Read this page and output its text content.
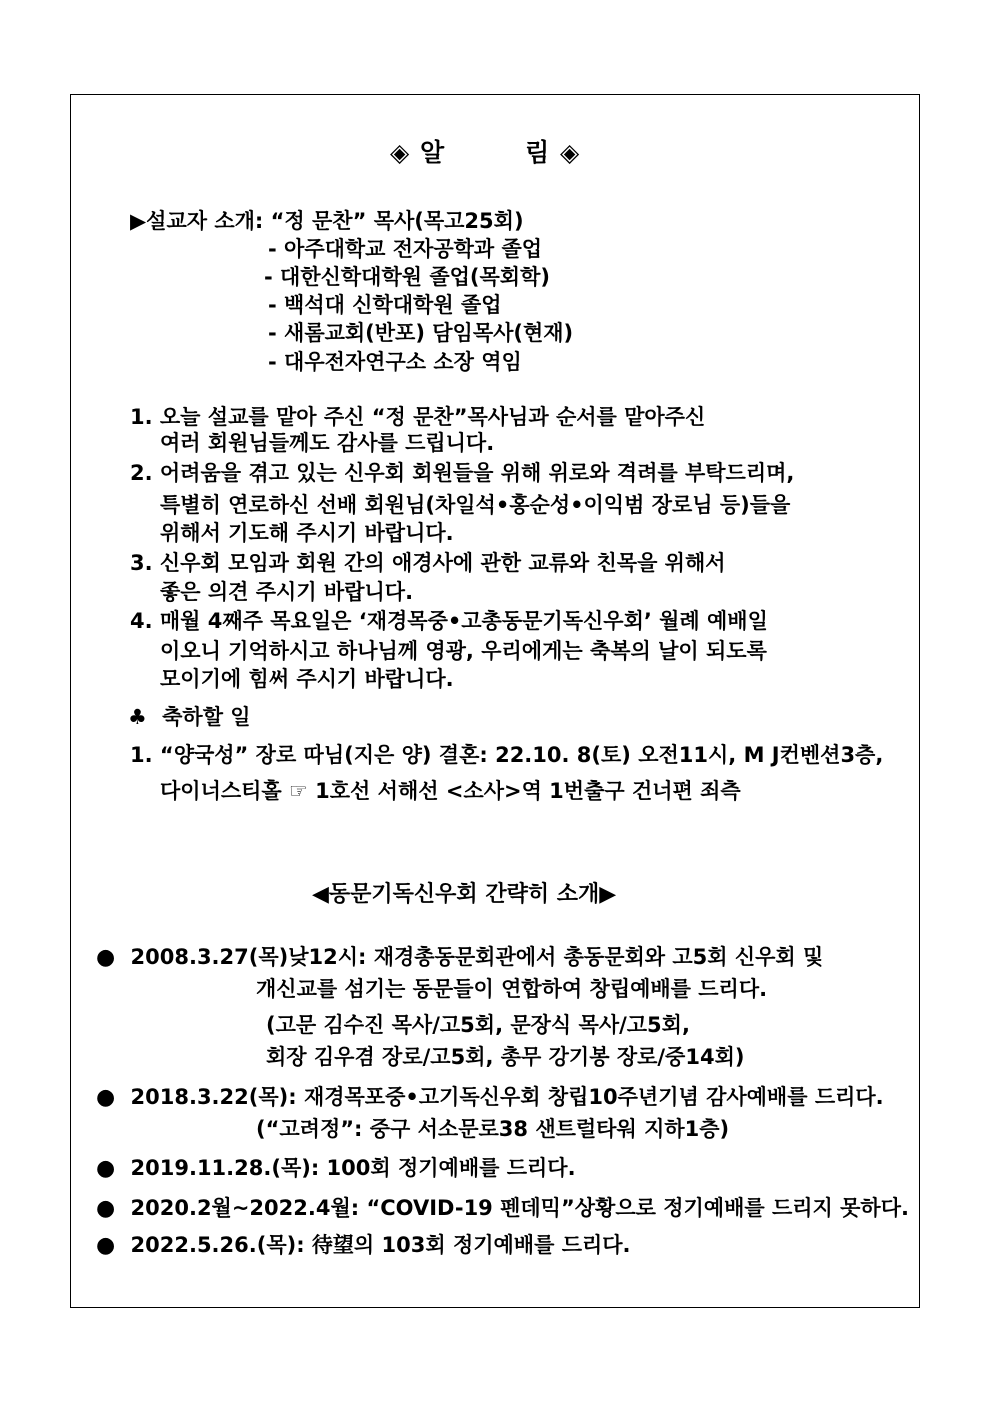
◈ 알	림 ◈
▶설교자 소개: “정 문찬” 목사(목고25회)
- 아주대학교 전자공학과 졸업
- 대한신학대학원 졸업(목회학)
- 백석대 신학대학원 졸업
- 새롬교회(반포) 담임목사(현재)
- 대우전자연구소 소장 역임
1. 오늘 설교를 맡아 주신 “정 문찬”목사님과 순서를 맡아주신
여러 회원님들께도 감사를 드립니다.
2. 어려움을 겪고 있는 신우회 회원들을 위해 위로와 격려를 부탁드리며,
특별히 연로하신 선배 회원님(차일석•홍순성•이익범 장로님 등)들을
위해서 기도해 주시기 바랍니다.
3. 신우회 모임과 회원 간의 애경사에 관한 교류와 친목을 위해서
좋은 의견 주시기 바랍니다.
4. 매월 4째주 목요일은 ‘재경목중•고총동문기독신우회’ 월례 예배일
이오니 기억하시고 하나님께 영광, 우리에게는 축복의 날이 되도록
모이기에 힘써 주시기 바랍니다.
♣ 축하할 일
1. “양국성” 장로 따님(지은 양) 결혼: 22.10. 8(토) 오전11시, M J컨벤션3층,
다이너스티홀 ☞ 1호선 서해선 <소사>역 1번출구 건너편 죄측
◀동문기독신우회 간략히 소개▶
● 2008.3.27(목)낮12시: 재경총동문회관에서 총동문회와 고5회 신우회 및
개신교를 섬기는 동문들이 연합하여 창립예배를 드리다.
(고문 김수진 목사/고5회, 문장식 목사/고5회,
회장 김우겸 장로/고5회, 총무 강기봉 장로/중14회)
● 2018.3.22(목): 재경목포중•고기독신우회 창립10주년기념 감사예배를 드리다.
(“고려정”: 중구 서소문로38 샌트럴타워 지하1층)
● 2019.11.28.(목): 100회 정기예배를 드리다.
● 2020.2월~2022.4월: “COVID-19 펜데믹”상황으로 정기예배를 드리지 못하다.
● 2022.5.26.(목): 待望의 103회 정기예배를 드리다.
